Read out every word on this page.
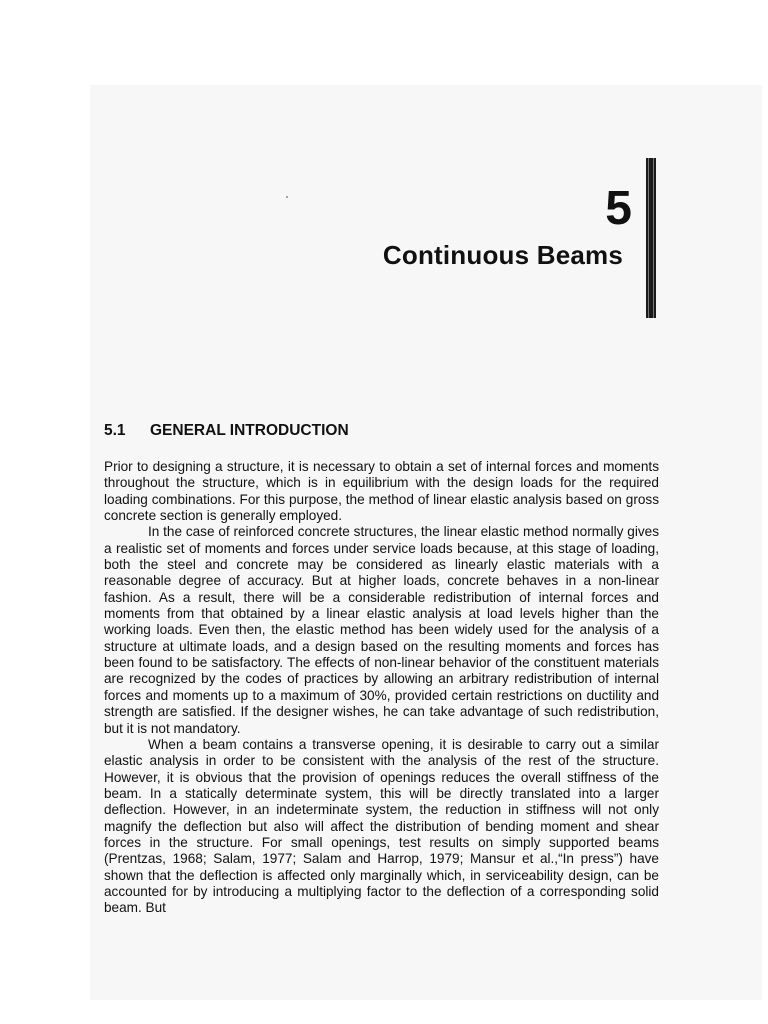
5
Continuous Beams
5.1 GENERAL INTRODUCTION

Prior to designing a structure, it is necessary to obtain a set of internal forces and moments throughout the structure, which is in equilibrium with the design loads for the required loading combinations. For this purpose, the method of linear elastic analysis based on gross concrete section is generally employed.

In the case of reinforced concrete structures, the linear elastic method normally gives a realistic set of moments and forces under service loads because, at this stage of loading, both the steel and concrete may be considered as linearly elastic materials with a reasonable degree of accuracy. But at higher loads, concrete behaves in a non-linear fashion. As a result, there will be a considerable redistribution of internal forces and moments from that obtained by a linear elastic analysis at load levels higher than the working loads. Even then, the elastic method has been widely used for the analysis of a structure at ultimate loads, and a design based on the resulting moments and forces has been found to be satisfactory. The effects of non-linear behavior of the constituent materials are recognized by the codes of practices by allowing an arbitrary redistribution of internal forces and moments up to a maximum of 30%, provided certain restrictions on ductility and strength are satisfied. If the designer wishes, he can take advantage of such redistribution, but it is not mandatory.

When a beam contains a transverse opening, it is desirable to carry out a similar elastic analysis in order to be consistent with the analysis of the rest of the structure. However, it is obvious that the provision of openings reduces the overall stiffness of the beam. In a statically determinate system, this will be directly translated into a larger deflection. However, in an indeterminate system, the reduction in stiffness will not only magnify the deflection but also will affect the distribution of bending moment and shear forces in the structure. For small openings, test results on simply supported beams (Prentzas, 1968; Salam, 1977; Salam and Harrop, 1979; Mansur et al.,“In press”) have shown that the deflection is affected only marginally which, in serviceability design, can be accounted for by introducing a multiplying factor to the deflection of a corresponding solid beam. But
